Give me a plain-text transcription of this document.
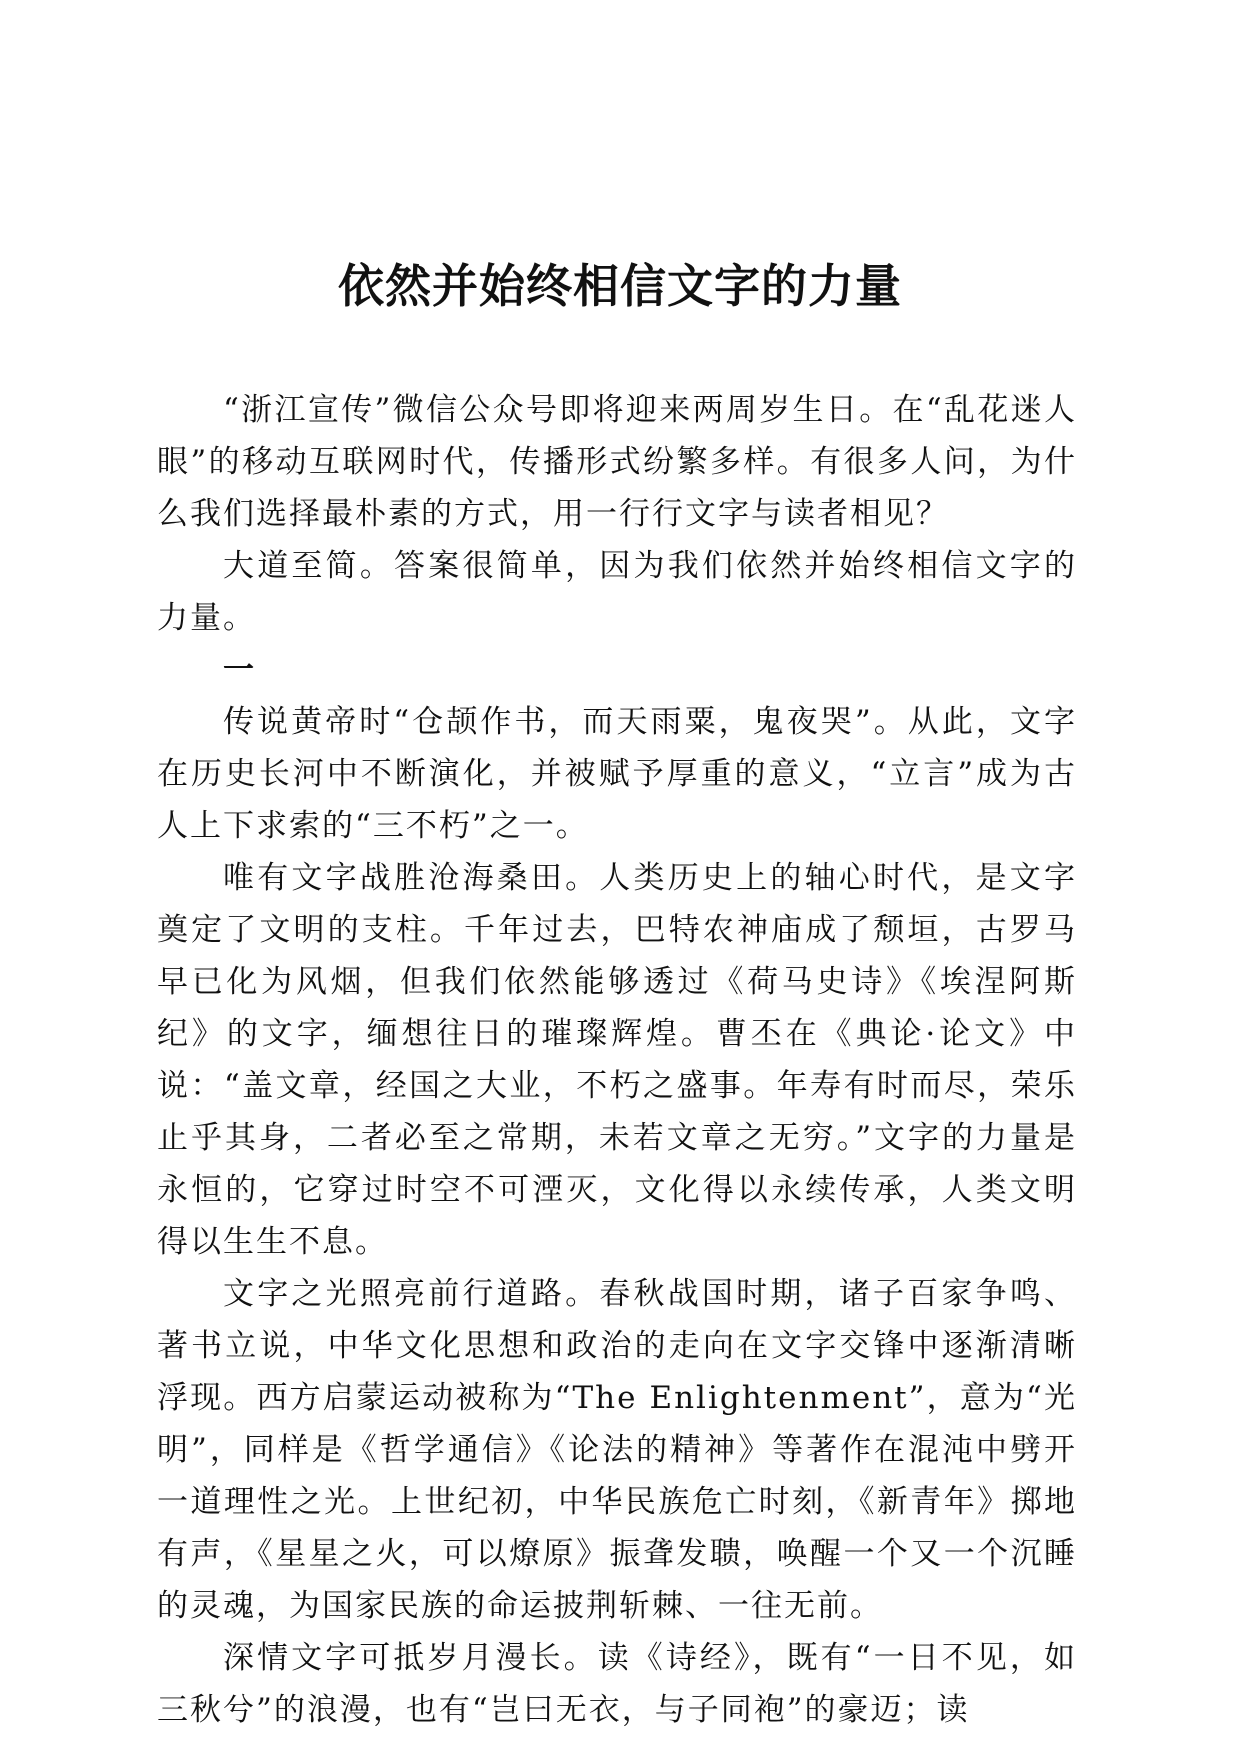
依然并始终相信文字的力量

“浙江宣传”微信公众号即将迎来两周岁生日。在“乱花迷人眼”的移动互联网时代，传播形式纷繁多样。有很多人问，为什么我们选择最朴素的方式，用一行行文字与读者相见？

大道至简。答案很简单，因为我们依然并始终相信文字的力量。

一

传说黄帝时“仓颉作书，而天雨粟，鬼夜哭”。从此，文字在历史长河中不断演化，并被赋予厚重的意义，“立言”成为古人上下求索的“三不朽”之一。

唯有文字战胜沧海桑田。人类历史上的轴心时代，是文字奠定了文明的支柱。千年过去，巴特农神庙成了颓垣，古罗马早已化为风烟，但我们依然能够透过《荷马史诗》《埃涅阿斯纪》的文字，缅想往日的璀璨辉煌。曹丕在《典论·论文》中说：“盖文章，经国之大业，不朽之盛事。年寿有时而尽，荣乐止乎其身，二者必至之常期，未若文章之无穷。”文字的力量是永恒的，它穿过时空不可湮灭，文化得以永续传承，人类文明得以生生不息。

文字之光照亮前行道路。春秋战国时期，诸子百家争鸣、著书立说，中华文化思想和政治的走向在文字交锋中逐渐清晰浮现。西方启蒙运动被称为“The Enlightenment”，意为“光明”，同样是《哲学通信》《论法的精神》等著作在混沌中劈开一道理性之光。上世纪初，中华民族危亡时刻，《新青年》掷地有声，《星星之火，可以燎原》振聋发聩，唤醒一个又一个沉睡的灵魂，为国家民族的命运披荆斩棘、一往无前。

深情文字可抵岁月漫长。读《诗经》，既有“一日不见，如三秋兮”的浪漫，也有“岂曰无衣，与子同袍”的豪迈；读
